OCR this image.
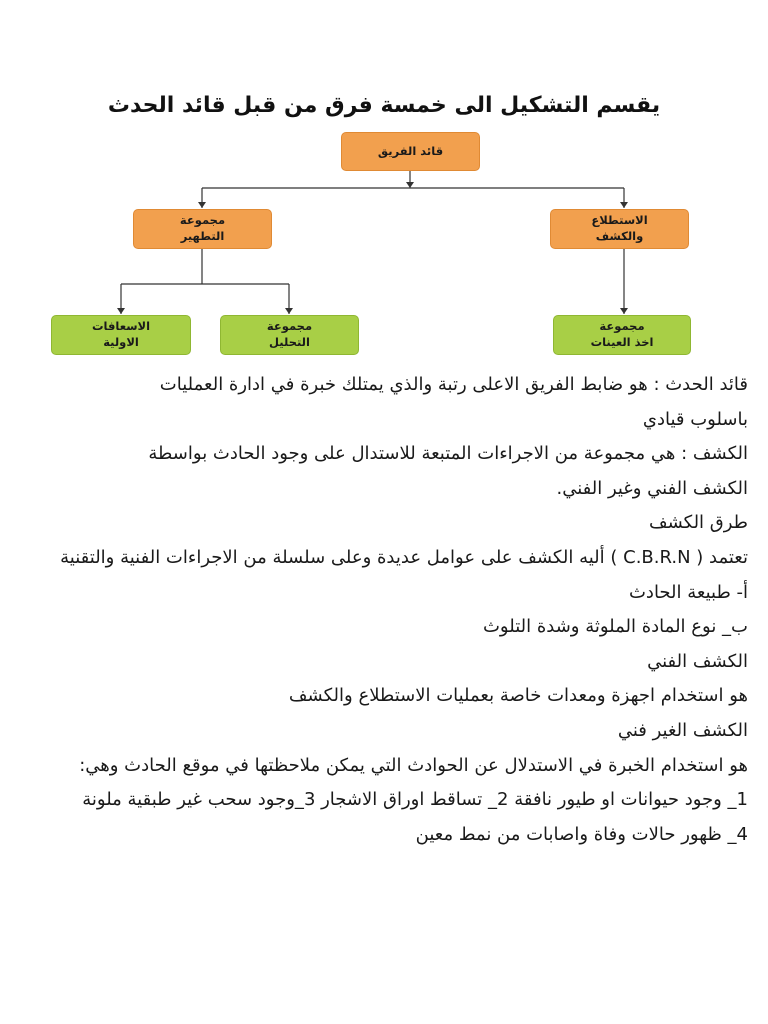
يقسم التشكيل الى خمسة فرق من قبل قائد الحدث
قائد الفريق
مجموعة
التطهير
الاستطلاع
والكشف
الاسعافات
الاولية
مجموعة
التحليل
مجموعة
اخذ العينات

قائد الحدث : هو ضابط الفريق الاعلى رتبة والذي يمتلك خبرة في ادارة العمليات

باسلوب قيادي

الكشف : هي مجموعة من الاجراءات المتبعة للاستدال على وجود الحادث بواسطة

الكشف الفني وغير الفني.

طرق الكشف

تعتمد ( C.B.R.N ) أليه الكشف على عوامل عديدة وعلى سلسلة من الاجراءات الفنية والتقنية

أ- طبيعة الحادث

ب_ نوع المادة الملوثة وشدة التلوث

الكشف الفني

هو استخدام اجهزة ومعدات خاصة بعمليات الاستطلاع والكشف

الكشف الغير فني

هو استخدام الخبرة في الاستدلال عن الحوادث التي يمكن ملاحظتها في موقع الحادث وهي:

1_ وجود حيوانات او طيور نافقة 2_ تساقط اوراق الاشجار 3_وجود سحب غير طبقية ملونة

4_ ظهور حالات وفاة واصابات من نمط معين
